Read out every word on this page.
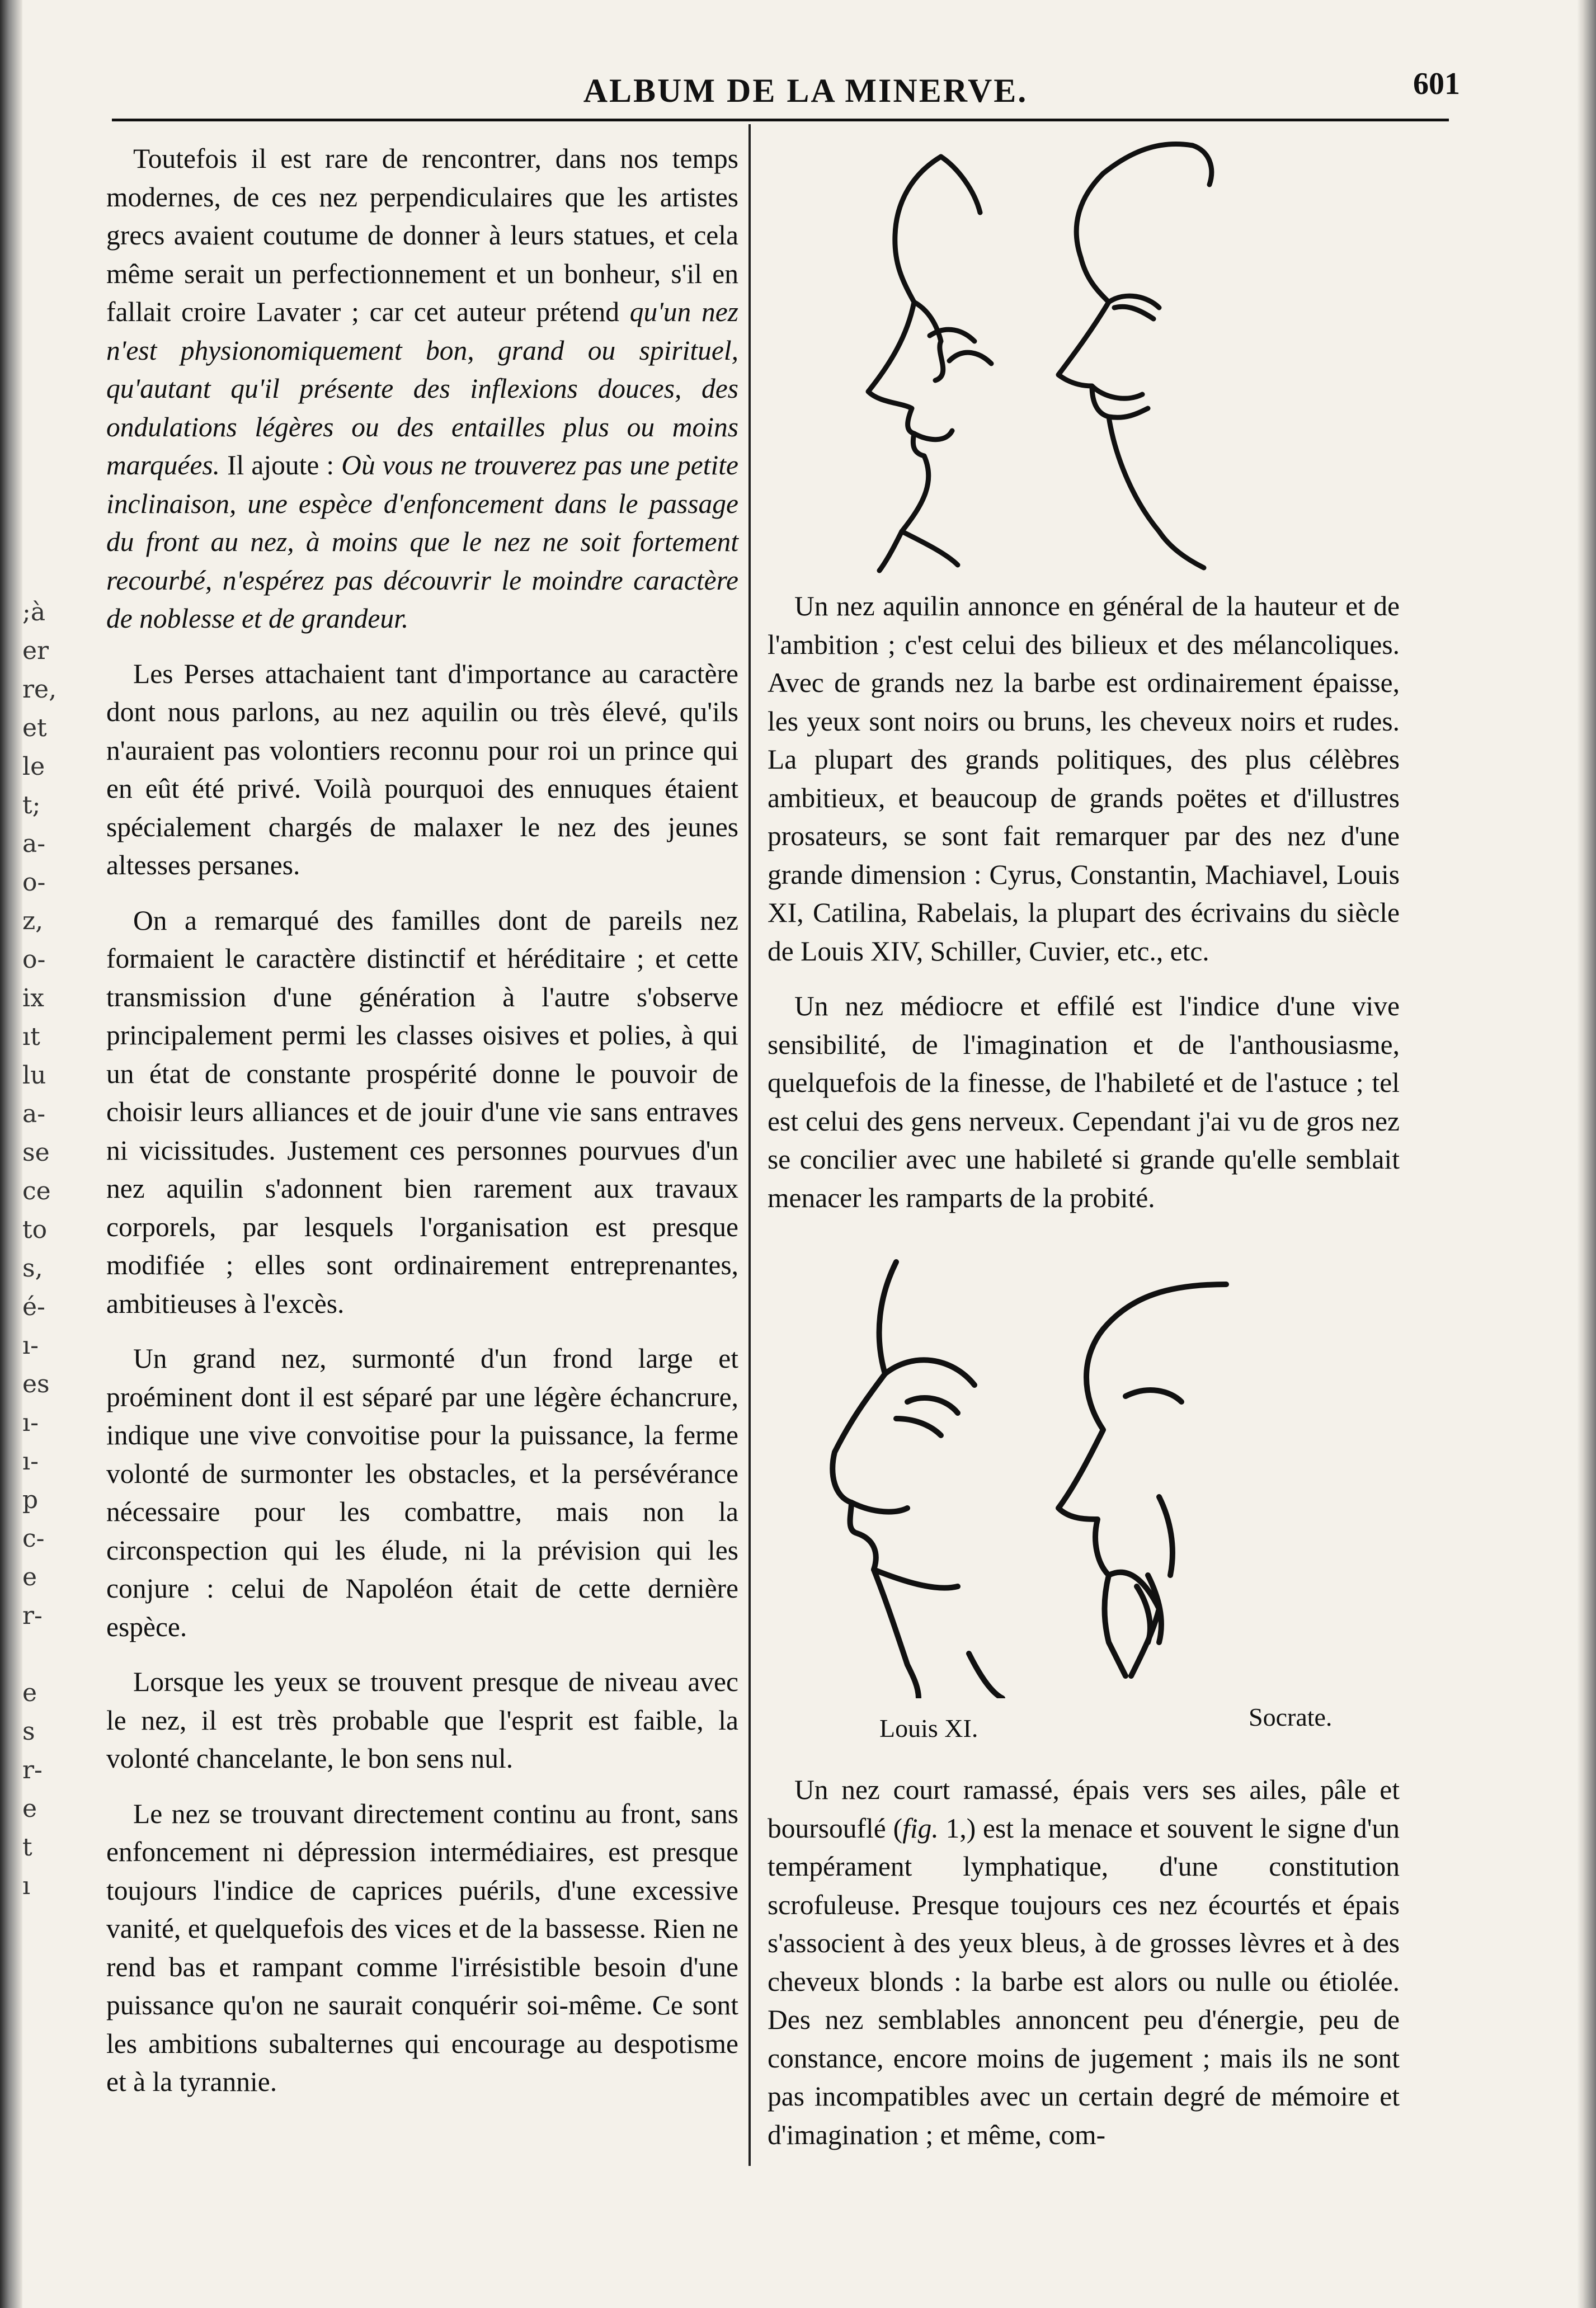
;à
er
re,
et
le
t;
a-
o-
z,
o-
ix
ıt
lu
a-
se
ce
to
s,
é-
ı-
es
ı-
ı-
p
c-
e
r-

e
s
r-
e
t
ı
ALBUM DE LA MINERVE.	601

Toutefois il est rare de rencontrer, dans nos temps modernes, de ces nez perpendiculaires que les artistes grecs avaient coutume de donner à leurs statues, et cela même serait un perfectionnement et un bonheur, s'il en fallait croire Lavater ; car cet auteur prétend qu'un nez n'est physionomiquement bon, grand ou spirituel, qu'autant qu'il présente des inflexions douces, des ondulations légères ou des entailles plus ou moins marquées. Il ajoute : Où vous ne trouverez pas une petite inclinaison, une espèce d'enfoncement dans le passage du front au nez, à moins que le nez ne soit fortement recourbé, n'espérez pas découvrir le moindre caractère de noblesse et de grandeur.

Les Perses attachaient tant d'importance au caractère dont nous parlons, au nez aquilin ou très élevé, qu'ils n'auraient pas volontiers reconnu pour roi un prince qui en eût été privé. Voilà pourquoi des ennuques étaient spécialement chargés de malaxer le nez des jeunes altesses persanes.

On a remarqué des familles dont de pareils nez formaient le caractère distinctif et héréditaire ; et cette transmission d'une génération à l'autre s'observe principalement permi les classes oisives et polies, à qui un état de constante prospérité donne le pouvoir de choisir leurs alliances et de jouir d'une vie sans entraves ni vicissitudes. Justement ces personnes pourvues d'un nez aquilin s'adonnent bien rarement aux travaux corporels, par lesquels l'organisation est presque modifiée ; elles sont ordinairement entreprenantes, ambitieuses à l'excès.

Un grand nez, surmonté d'un frond large et proéminent dont il est séparé par une légère échancrure, indique une vive convoitise pour la puissance, la ferme volonté de surmonter les obstacles, et la persévérance nécessaire pour les combattre, mais non la circonspection qui les élude, ni la prévision qui les conjure : celui de Napoléon était de cette dernière espèce.

Lorsque les yeux se trouvent presque de niveau avec le nez, il est très probable que l'esprit est faible, la volonté chancelante, le bon sens nul.

Le nez se trouvant directement continu au front, sans enfoncement ni dépression intermédiaires, est presque toujours l'indice de caprices puérils, d'une excessive vanité, et quelquefois des vices et de la bassesse. Rien ne rend bas et rampant comme l'irrésistible besoin d'une puissance qu'on ne saurait conquérir soi-même. Ce sont les ambitions subalternes qui encourage au despotisme et à la tyrannie.

Un nez aquilin annonce en général de la hauteur et de l'ambition ; c'est celui des bilieux et des mélancoliques. Avec de grands nez la barbe est ordinairement épaisse, les yeux sont noirs ou bruns, les cheveux noirs et rudes. La plupart des grands politiques, des plus célèbres ambitieux, et beaucoup de grands poëtes et d'illustres prosateurs, se sont fait remarquer par des nez d'une grande dimension : Cyrus, Constantin, Machiavel, Louis XI, Catilina, Rabelais, la plupart des écrivains du siècle de Louis XIV, Schiller, Cuvier, etc., etc.

Un nez médiocre et effilé est l'indice d'une vive sensibilité, de l'imagination et de l'anthousiasme, quelquefois de la finesse, de l'habileté et de l'astuce ; tel est celui des gens nerveux. Cependant j'ai vu de gros nez se concilier avec une habileté si grande qu'elle semblait menacer les ramparts de la probité.

Louis XI.	Socrate.

Un nez court ramassé, épais vers ses ailes, pâle et boursouflé (fig. 1,) est la menace et souvent le signe d'un tempérament lymphatique, d'une constitution scrofuleuse. Presque toujours ces nez écourtés et épais s'associent à des yeux bleus, à de grosses lèvres et à des cheveux blonds : la barbe est alors ou nulle ou étiolée. Des nez semblables annoncent peu d'énergie, peu de constance, encore moins de jugement ; mais ils ne sont pas incompatibles avec un certain degré de mémoire et d'imagination ; et même, com-
